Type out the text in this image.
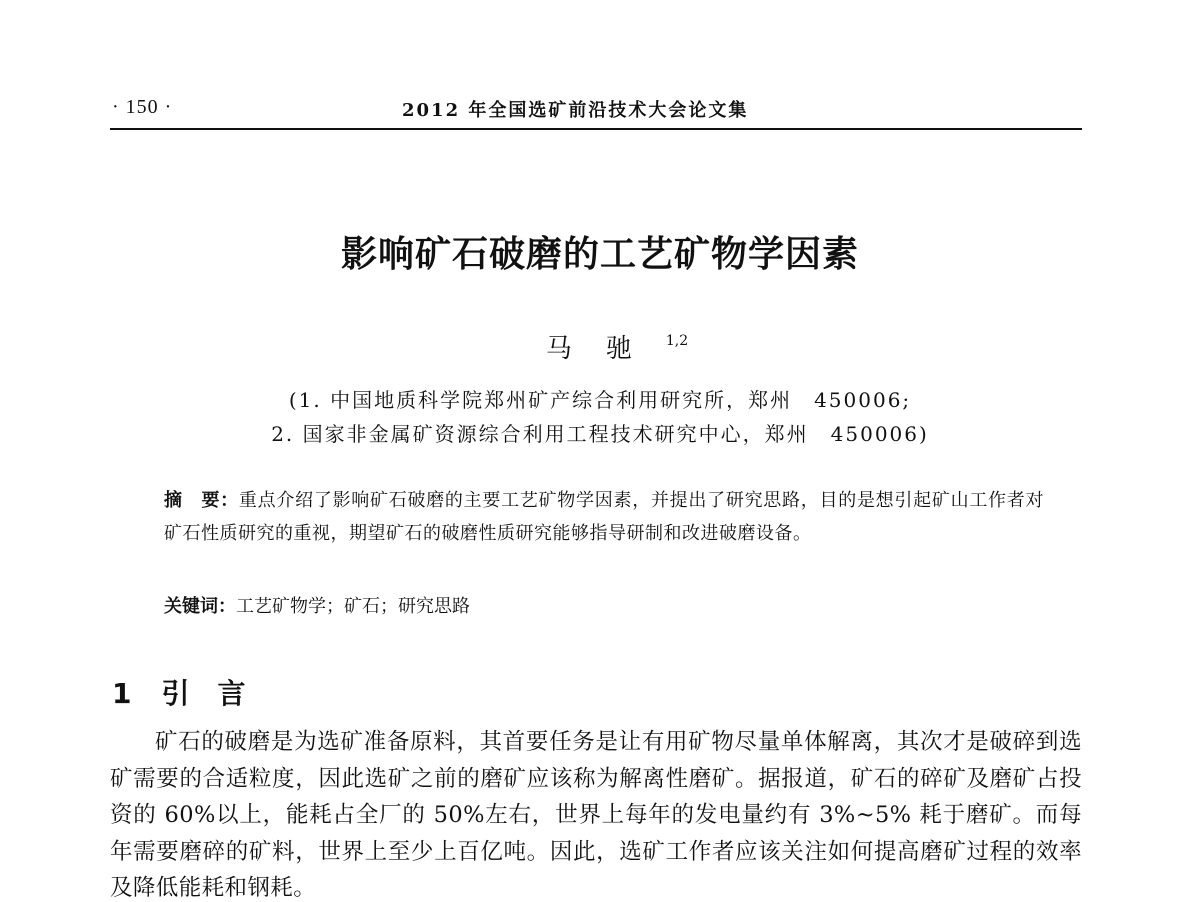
· 150 ·	2012 年全国选矿前沿技术大会论文集
影响矿石破磨的工艺矿物学因素
马驰$^{1,2}$
(1. 中国地质科学院郑州矿产综合利用研究所，郑州　450006;
2. 国家非金属矿资源综合利用工程技术研究中心，郑州　450006)
摘　要：重点介绍了影响矿石破磨的主要工艺矿物学因素，并提出了研究思路，目的是想引起矿山工作者对矿石性质研究的重视，期望矿石的破磨性质研究能够指导研制和改进破磨设备。
关键词：工艺矿物学；矿石；研究思路
1 引言
矿石的破磨是为选矿准备原料，其首要任务是让有用矿物尽量单体解离，其次才是破碎到选矿需要的合适粒度，因此选矿之前的磨矿应该称为解离性磨矿。据报道，矿石的碎矿及磨矿占投资的 60%以上，能耗占全厂的 50%左右，世界上每年的发电量约有 3%~5% 耗于磨矿。而每年需要磨碎的矿料，世界上至少上百亿吨。因此，选矿工作者应该关注如何提高磨矿过程的效率及降低能耗和钢耗。
